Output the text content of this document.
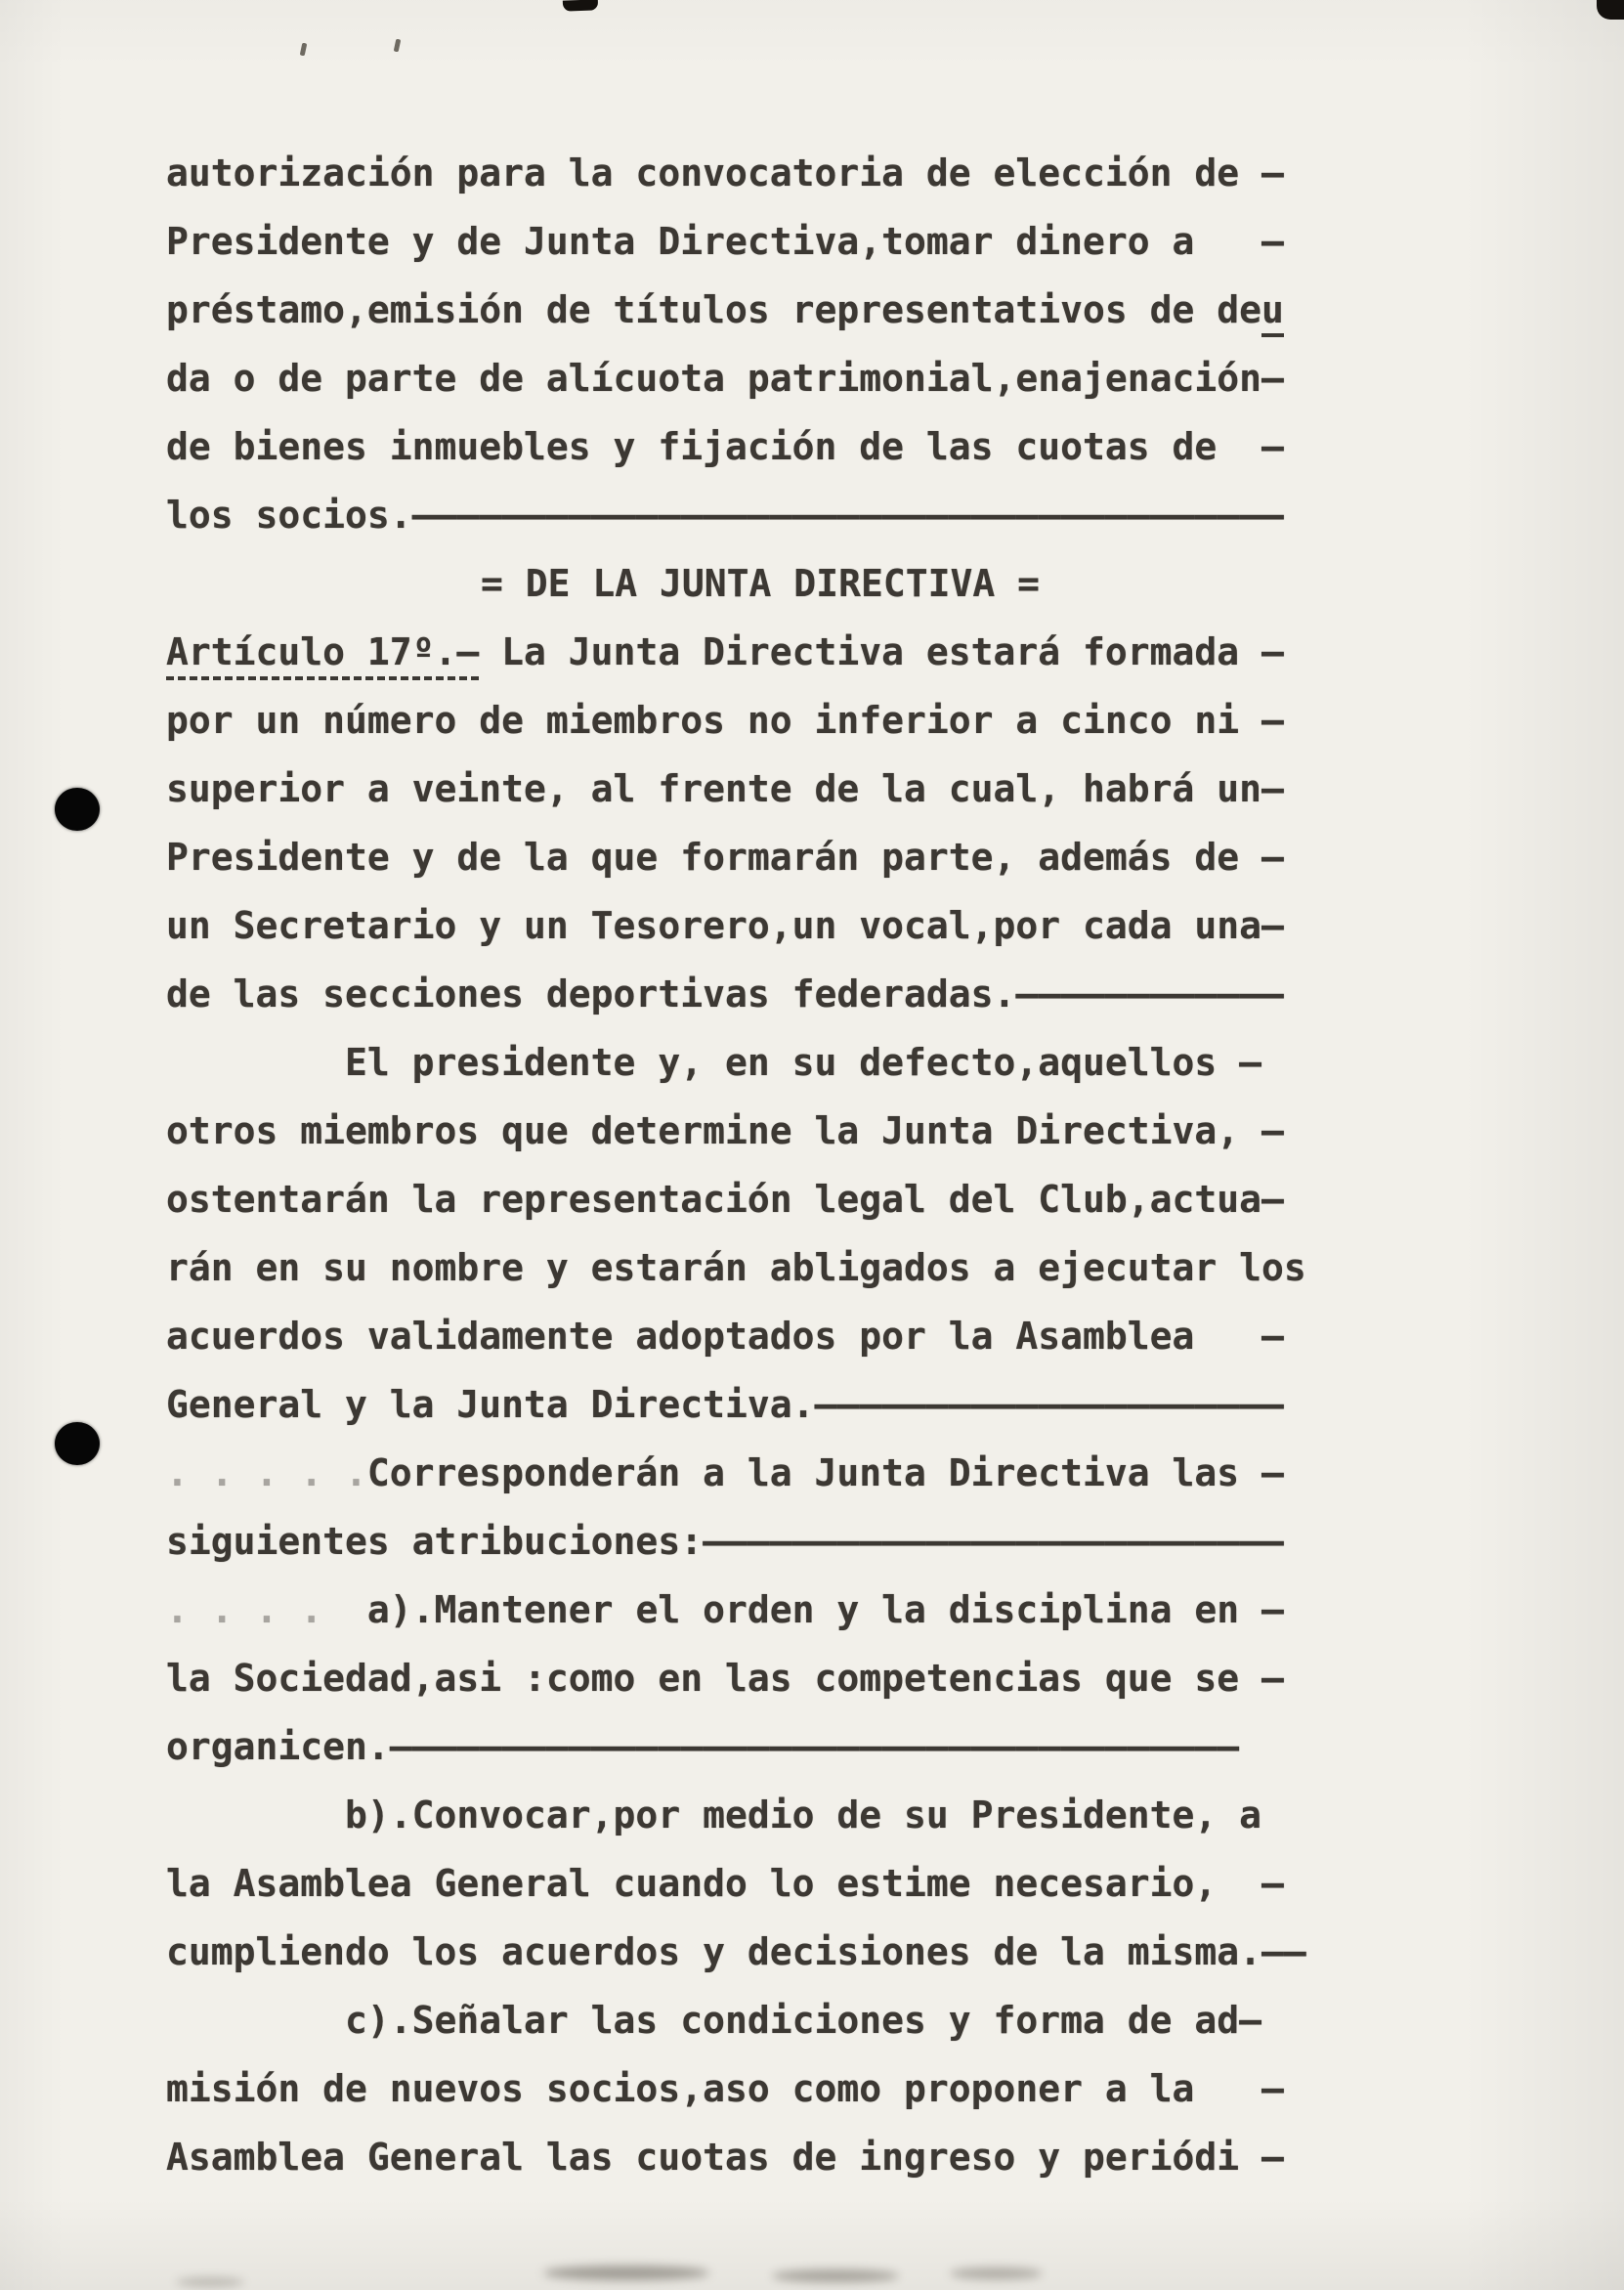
autorización para la convocatoria de elección de –
Presidente y de Junta Directiva,tomar dinero a   –
préstamo,emisión de títulos representativos de deu
da o de parte de alícuota patrimonial,enajenación–
de bienes inmuebles y fijación de las cuotas de  –
los socios.———————————————————————————————————————
= DE LA JUNTA DIRECTIVA =
Artículo 17º.– La Junta Directiva estará formada –
por un número de miembros no inferior a cinco ni –
superior a veinte, al frente de la cual, habrá un–
Presidente y de la que formarán parte, además de –
un Secretario y un Tesorero,un vocal,por cada una–
de las secciones deportivas federadas.————————————
El presidente y, en su defecto,aquellos –
otros miembros que determine la Junta Directiva, –
ostentarán la representación legal del Club,actua–
rán en su nombre y estarán abligados a ejecutar los
acuerdos validamente adoptados por la Asamblea   –
General y la Junta Directiva.—————————————————————
. . . . .Corresponderán a la Junta Directiva las –
siguientes atribuciones:——————————————————————————
. . . .  a).Mantener el orden y la disciplina en –
la Sociedad,asi :como en las competencias que se –
organicen.——————————————————————————————————————
b).Convocar,por medio de su Presidente, a
la Asamblea General cuando lo estime necesario,  –
cumpliendo los acuerdos y decisiones de la misma.——
c).Señalar las condiciones y forma de ad–
misión de nuevos socios,aso como proponer a la   –
Asamblea General las cuotas de ingreso y periódi –
